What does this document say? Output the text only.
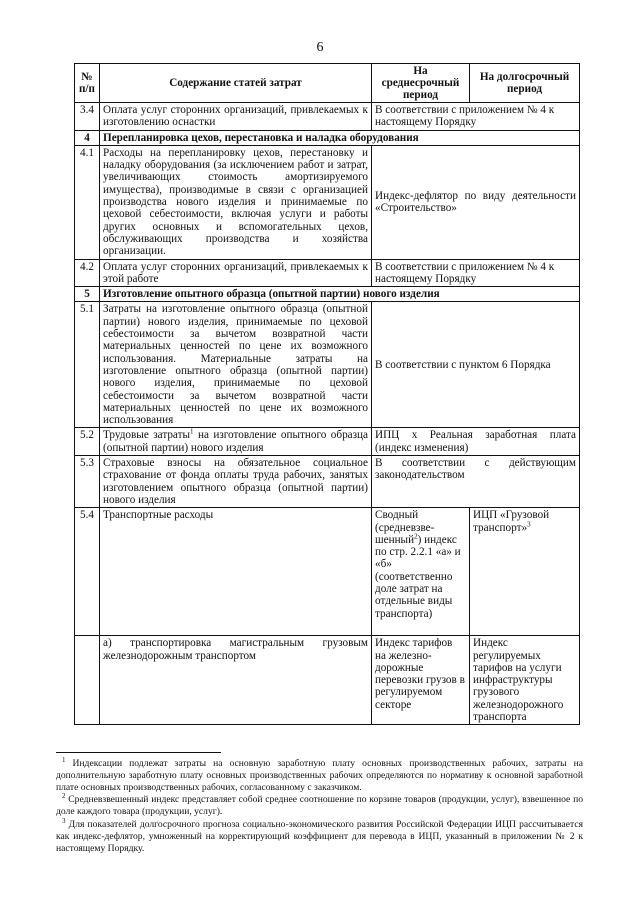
6
№ п/п	Содержание статей затрат	На среднесрочный период	На долгосрочный период
3.4	Оплата услуг сторонних организаций, привлекаемых к изготовлению оснастки	В соответствии с приложением № 4 к настоящему Порядку	
4	Перепланировка цехов, перестановка и наладка оборудования		
4.1	Расходы на перепланировку цехов, перестановку и наладку оборудования (за исключением работ и затрат, увеличивающих стоимость амортизируемого имущества), производимые в связи с организацией производства нового изделия и принимаемые по цеховой себестоимости, включая услуги и работы других основных и вспомогательных цехов, обслуживающих производства и хозяйства организации.	Индекс-дефлятор по виду деятельности «Строительство»	
4.2	Оплата услуг сторонних организаций, привлекаемых к этой работе	В соответствии с приложением № 4 к настоящему Порядку	
5	Изготовление опытного образца (опытной партии) нового изделия		
5.1	Затраты на изготовление опытного образца (опытной партии) нового изделия, принимаемые по цеховой себестоимости за вычетом возвратной части материальных ценностей по цене их возможного использования. Материальные затраты на изготовление опытного образца (опытной партии) нового изделия, принимаемые по цеховой себестоимости за вычетом возвратной части материальных ценностей по цене их возможного использования	В соответствии с пунктом 6 Порядка	
5.2	Трудовые затраты$^1$ на изготовление опытного образца (опытной партии) нового изделия	ИПЦ х Реальная заработная плата (индекс изменения)	
5.3	Страховые взносы на обязательное социальное страхование от фонда оплаты труда рабочих, занятых изготовлением опытного образца (опытной партии) нового изделия	В соответствии с действующим законодательством	
5.4	Транспортные расходы	Сводный (средневзве-шенный$^2$) индекс по стр. 2.2.1 «а» и «б» (соответственно доле затрат на отдельные виды транспорта)	ИЦП «Грузовой транспорт»$^3$
	а) транспортировка магистральным грузовым железнодорожным транспортом	Индекс тарифов на железно-дорожные перевозки грузов в регулируемом секторе	Индекс регулируемых тарифов на услуги инфраструктуры грузового железнодорожного транспорта

$^1$ Индексации подлежат затраты на основную заработную плату основных производственных рабочих, затраты на дополнительную заработную плату основных производственных рабочих определяются по нормативу к основной заработной плате основных производственных рабочих, согласованному с заказчиком.

$^2$ Средневзвешенный индекс представляет собой среднее соотношение по корзине товаров (продукции, услуг), взвешенное по доле каждого товара (продукции, услуг).

$^3$ Для показателей долгосрочного прогноза социально-экономического развития Российской Федерации ИЦП рассчитывается как индекс-дефлятор, умноженный на корректирующий коэффициент для перевода в ИЦП, указанный в приложении № 2 к настоящему Порядку.
